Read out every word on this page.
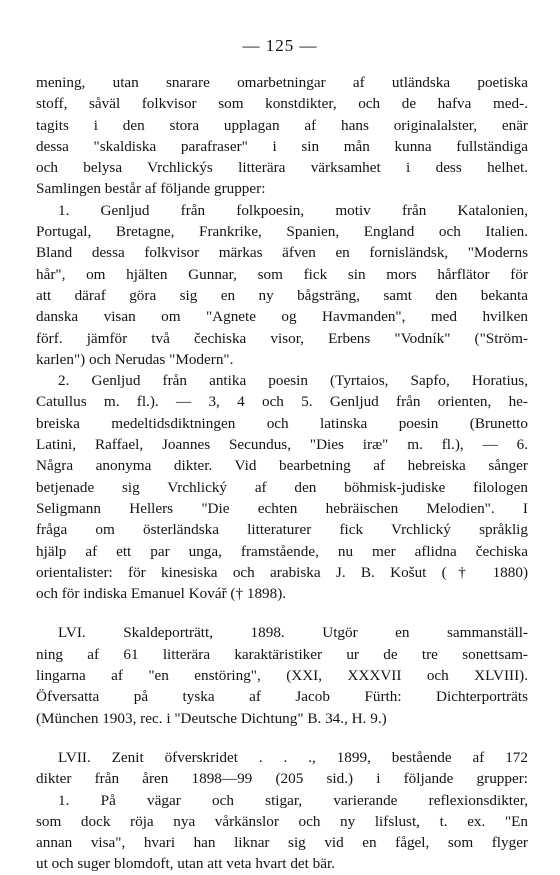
— 125 —
mening, utan snarare omarbetningar af utländska poetiska
stoff, såväl folkvisor som konstdikter, och de hafva med-.
tagits i den stora upplagan af hans originalalster, enär
dessa "skaldiska parafraser" i sin mån kunna fullständiga
och belysa Vrchlickýs litterära värksamhet i dess helhet.
Samlingen består af följande grupper:
1. Genljud från folkpoesin, motiv från Katalonien,
Portugal, Bretagne, Frankrike, Spanien, England och Italien.
Bland dessa folkvisor märkas äfven en fornisländsk, "Moderns
hår", om hjälten Gunnar, som fick sin mors hårflätor för
att däraf göra sig en ny bågsträng, samt den bekanta
danska visan om "Agnete og Havmanden", med hvilken
förf. jämför två čechiska visor, Erbens "Vodník" ("Ström-
karlen") och Nerudas "Modern".
2. Genljud från antika poesin (Tyrtaios, Sapfo, Horatius,
Catullus m. fl.). — 3, 4 och 5. Genljud från orienten, he-
breiska medeltidsdiktningen och latinska poesin (Brunetto
Latini, Raffael, Joannes Secundus, "Dies iræ" m. fl.), — 6.
Några anonyma dikter. Vid bearbetning af hebreiska sånger
betjenade sig Vrchlický af den böhmisk-judiske filologen
Seligmann Hellers "Die echten hebräischen Melodien". I
fråga om österländska litteraturer fick Vrchlický språklig
hjälp af ett par unga, framstående, nu mer aflidna čechiska
orientalister: för kinesiska och arabiska J. B. Košut († 1880)
och för indiska Emanuel Kovář († 1898).
LVI. Skaldeporträtt, 1898. Utgör en sammanställ-
ning af 61 litterära karaktäristiker ur de tre sonettsam-
lingarna af "en enstöring", (XXI, XXXVII och XLVIII).
Öfversatta på tyska af Jacob Fürth: Dichterporträts
(München 1903, rec. i "Deutsche Dichtung" B. 34., H. 9.)
LVII. Zenit öfverskridet . . ., 1899, bestående af 172
dikter från åren 1898—99 (205 sid.) i följande grupper:
1. På vägar och stigar, varierande reflexionsdikter,
som dock röja nya vårkänslor och ny lifslust, t. ex. "En
annan visa", hvari han liknar sig vid en fågel, som flyger
ut och suger blomdoft, utan att veta hvart det bär.
